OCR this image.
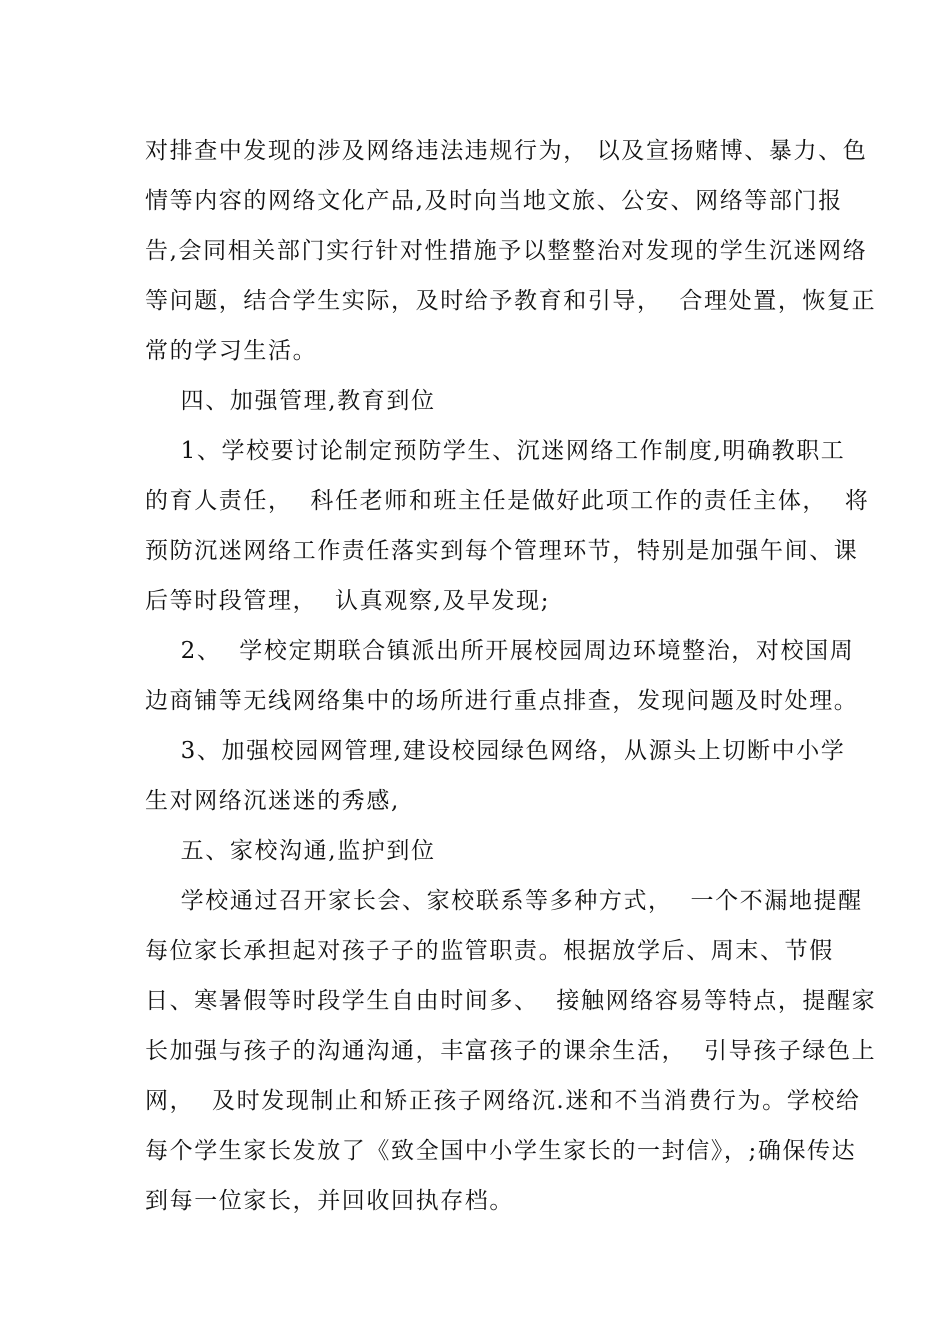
对排查中发现的涉及网络违法违规行为， 以及宣扬赌博、暴力、色
情等内容的网络文化产品,及时向当地文旅、公安、网络等部门报
告,会同相关部门实行针对性措施予以整整治对发现的学生沉迷网络
等问题，结合学生实际，及时给予教育和引导，  合理处置，恢复正
常的学习生活。
四、加强管理,教育到位
1、学校要讨论制定预防学生、沉迷网络工作制度,明确教职工
的育人责任，  科任老师和班主任是做好此项工作的责任主体，  将
预防沉迷网络工作责任落实到每个管理环节，特别是加强午间、课
后等时段管理，  认真观察,及早发现;
2、  学校定期联合镇派出所开展校园周边环境整治，对校国周
边商铺等无线网络集中的场所进行重点排查，发现问题及时处理。
3、加强校园网管理,建设校园绿色网络，从源头上切断中小学
生对网络沉迷迷的秀感,
五、家校沟通,监护到位
学校通过召开家长会、家校联系等多种方式，  一个不漏地提醒
每位家长承担起对孩子子的监管职责。根据放学后、周末、节假
日、寒暑假等时段学生自由时间多、  接触网络容易等特点，提醒家
长加强与孩子的沟通沟通，丰富孩子的课余生活，  引导孩子绿色上
网，  及时发现制止和矫正孩子网络沉.迷和不当消费行为。学校给
每个学生家长发放了《致全国中小学生家长的一封信》，;确保传达
到每一位家长，并回收回执存档。
